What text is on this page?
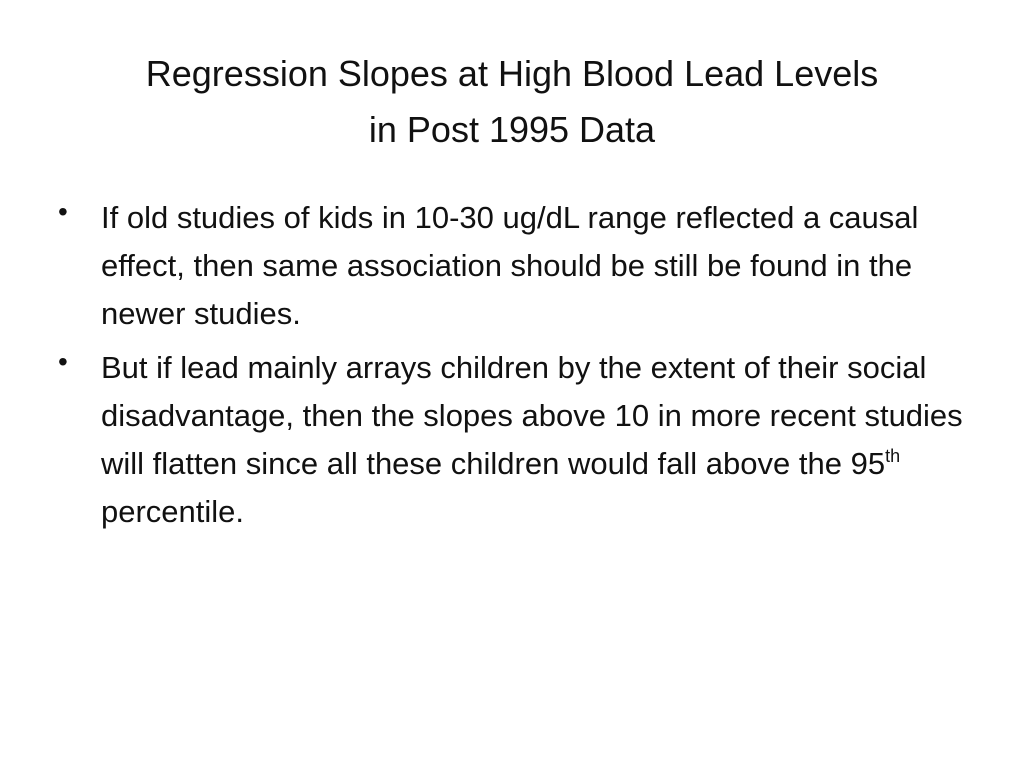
Regression Slopes at High Blood Lead Levels
in Post 1995 Data
• If old studies of kids in 10-30 ug/dL range reflected a causal effect, then same association should be still be found in the newer studies.
• But if lead mainly arrays children by the extent of their social disadvantage, then the slopes above 10 in more recent studies will flatten since all these children would fall above the 95th percentile.
